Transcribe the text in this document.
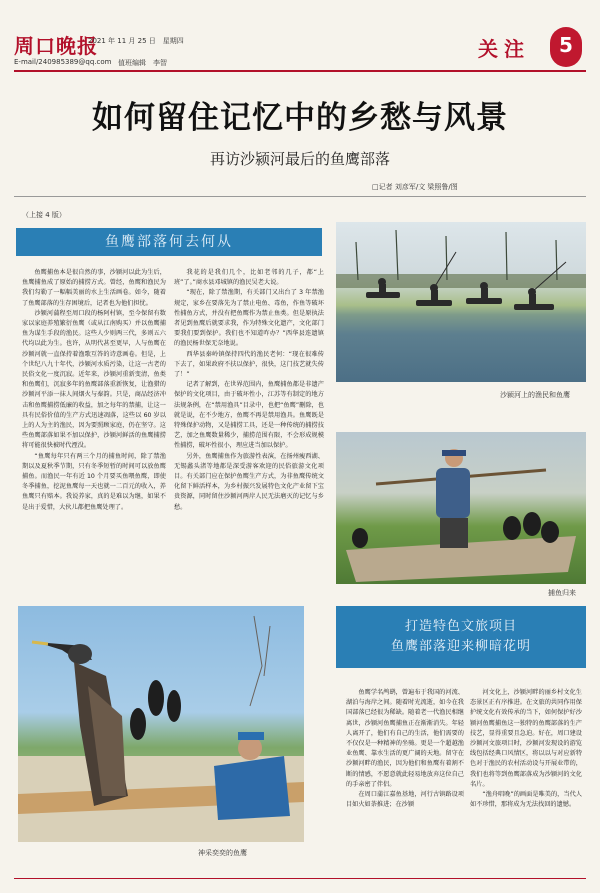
周口晚报
2021 年 11 月 25 日　星期四
E-mail/240985389@qq.com 值班编辑　李智
关注	5
如何留住记忆中的乡愁与风景
再访沙颍河最后的鱼鹰部落
□记者 刘彦军/文 梁照鲁/图
（上接 4 版）
鱼鹰部落何去何从

鱼鹰捕鱼本是很自然的事，沙颍河以此为生后，鱼鹰捕鱼成了原始的捕捞方式。曾经，鱼鹰和渔民为我们勾勒了一幅幅美丽的水上生活画卷。如今，随着了鱼鹰部落的生存困境后，记者也为他们担忧。

沙颍河蒲程至周口段的杨阿村镇，至今保留有数家以家庭养殖繁衍鱼鹰（或从江南购买）并以鱼鹰捕鱼为谋生手段的渔民。这些人少则两三代，多则五六代均以此为生。也许，从明代甚至更早，人与鱼鹰在沙颍河就一直保持着渔歌互答的诗意画卷。但是，上个世纪八九十年代，沙颍河水质污染，让这一古老的民俗文化一度沉寂。近年来，沙颍河重新变清，鱼类和鱼鹰们，沉寂多年的鱼鹰部落重新恢复，让渔猎的沙颍河平添一抹人间烟火与秦韵。只是，商品经济冲击和鱼鹰捕捞低廉的收益，加之每年的禁捕，让这一具有民俗价值的生产方式迅速凋落，这些以 60 岁以上的人为主的渔民，因为要照顾家庭，仍在坚守。这些鱼鹰部落如果不加以保护，沙颍河鲜活的鱼鹰捕捞将可能很快被时代湮没。

“鱼鹰每年只有两三个月的捕鱼时间，除了禁渔期以及夏秋季节期，只有冬季短暂的时间可以放鱼鹰捕鱼。而渔民一年有近 10 个月要买鱼喂鱼鹰，即使冬季捕鱼，挖泥鱼鹰每一天也就一二百元的收入，养鱼鹰只有赔本。我说养家，真的是难以为继，如果不是出于爱惜，大伙儿都把鱼鹰处理了。

我花的是我们几个，比如老邻的几子，都“上班”了。”商水县邓城镇的渔民吴老大说。

“现在，除了禁渔期，有关部门又出台了 3 年禁渔规定，家乡在要落先为了禁止电鱼、毒鱼，作鱼等破坏性捕鱼方式，并没有把鱼鹰作为禁止鱼类。但是原执法者见到鱼鹰后就要求我，作为特殊文化遗产，文化部门要我们要到保护。我们也不知道咋办？”西华县连遗镇的渔民杨世保无奈地说。

西华县秦岭镇保持四代的渔民老何：“现在很难传下去了，如果政府不扶以保护，很快，这门技艺就失传了！”

记者了解到，在世界范围内，鱼鹰捕鱼都是非遗产保护的文化项目，由于破坏性小，江苏等有制定的地方法规条例，在“禁用渔具”目录中，也把“鱼鹰”删除，也就是说，在不少地方，鱼鹰不再是禁用渔具。鱼鹰既是特殊保护动物，又是捕捞工具，还是一种传统的捕捞技艺，加之鱼鹰数量稀少，捕捞范围有限，不会形成规模性捕捞，破坏性很小，理应进当加以保护。

另外，鱼鹰捕鱼作为旅游性表演，在扬州瘦西湖、无锡蠡头渚等地都是深受游客欢迎的民俗旅游文化项目。有关部门应在保护鱼鹰生产方式，为非鱼鹰传统文化留下鲜活样本，为乡村振兴发展特色文化产业留下宝贵资源，同时留住沙颍河两岸人民无法磨灭的记忆与乡愁。

沙颍河上的渔民和鱼鹰
捕鱼归来
神采奕奕的鱼鹰
打造特色文旅项目
鱼鹰部落迎来柳暗花明

鱼鹰学名鸬鹚，曾遍布于我国的河流、湖泊与海岸之间。随着时光流逝，如今在我国部落已经很为稀缺。随着老一代渔民相继离世，沙颍河鱼鹰捕鱼正在渐渐消失。年轻人离开了，他们有自己的生活，他们需要的不仅仅是一种精神的坐骑。更是一个超越渔业鱼鹰、靠水生活的更广阔的天地。留守在沙颍河畔的渔民，因为他们和鱼鹰有着割不断的情感，不愿意就此轻易地放弃这位自己的手亲密了伴侣。

在周口蒲江嘉鱼基地，河行古镇路设项目如火如荼推进；在沙颍

河文化上，沙颍河畔的丽乡村文化生态景区正有序推进。在文旅的共同作用保护统文化有效传承的当下，如何保护好沙颍河鱼鹰捕鱼这一独特的鱼鹰部落的生产技艺，显得重要且急迫。好在，周口建设沙颍河文旅项目时，沙颍河发现设的游览线包括经典口风情区，将以以与对应新特色对于渔民的农村活动设与开展业带的，我们也将等到鱼鹰部落成为沙颍河的文化名片。

“渔舟唱晚”的画面是唯美的，当代人如不珍惜，那将成为无法找回的遗憾。
